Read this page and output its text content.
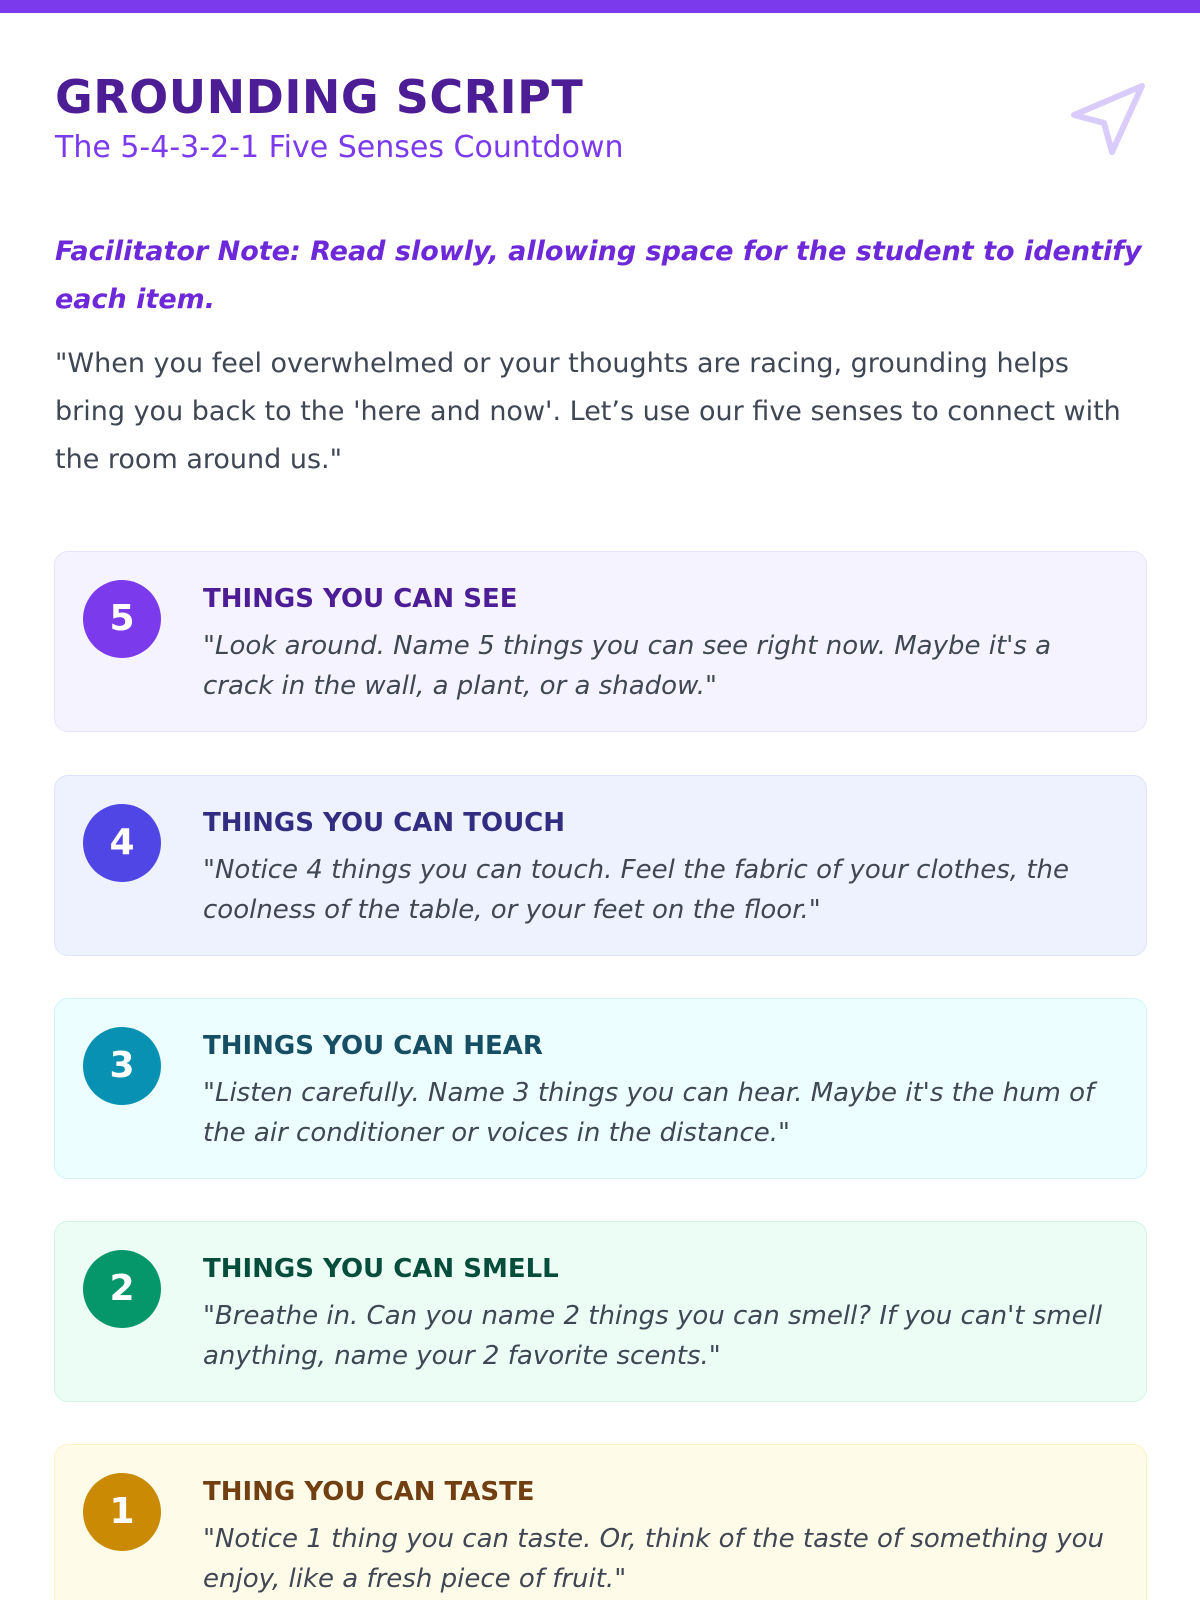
GROUNDING SCRIPT
The 5-4-3-2-1 Five Senses Countdown
Facilitator Note: Read slowly, allowing space for the student to identify each item.
"When you feel overwhelmed or your thoughts are racing, grounding helps bring you back to the 'here and now'. Let’s use our five senses to connect with the room around us."
5	THINGS YOU CAN SEE
"Look around. Name 5 things you can see right now. Maybe it's a crack in the wall, a plant, or a shadow."
4	THINGS YOU CAN TOUCH
"Notice 4 things you can touch. Feel the fabric of your clothes, the coolness of the table, or your feet on the floor."
3	THINGS YOU CAN HEAR
"Listen carefully. Name 3 things you can hear. Maybe it's the hum of the air conditioner or voices in the distance."
2	THINGS YOU CAN SMELL
"Breathe in. Can you name 2 things you can smell? If you can't smell anything, name your 2 favorite scents."
1	THING YOU CAN TASTE
"Notice 1 thing you can taste. Or, think of the taste of something you enjoy, like a fresh piece of fruit."
